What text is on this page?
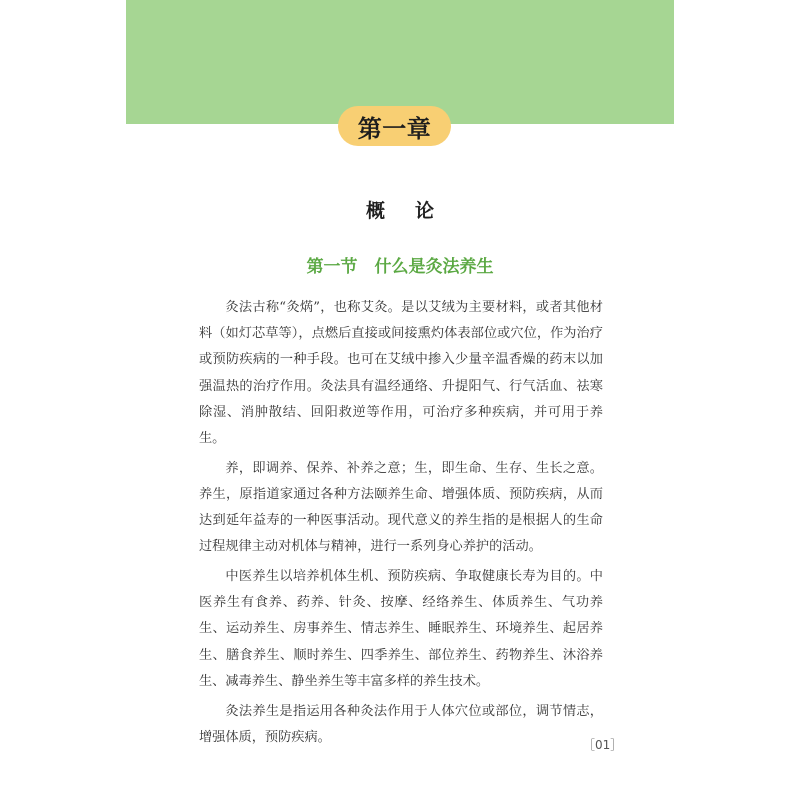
第一章
概论
第一节　什么是灸法养生

灸法古称“灸焫”，也称艾灸。是以艾绒为主要材料，或者其他材料（如灯芯草等），点燃后直接或间接熏灼体表部位或穴位，作为治疗或预防疾病的一种手段。也可在艾绒中掺入少量辛温香燥的药末以加强温热的治疗作用。灸法具有温经通络、升提阳气、行气活血、祛寒除湿、消肿散结、回阳救逆等作用，可治疗多种疾病，并可用于养生。

养，即调养、保养、补养之意；生，即生命、生存、生长之意。养生，原指道家通过各种方法颐养生命、增强体质、预防疾病，从而达到延年益寿的一种医事活动。现代意义的养生指的是根据人的生命过程规律主动对机体与精神，进行一系列身心养护的活动。

中医养生以培养机体生机、预防疾病、争取健康长寿为目的。中医养生有食养、药养、针灸、按摩、经络养生、体质养生、气功养生、运动养生、房事养生、情志养生、睡眠养生、环境养生、起居养生、膳食养生、顺时养生、四季养生、部位养生、药物养生、沐浴养生、减毒养生、静坐养生等丰富多样的养生技术。

灸法养生是指运用各种灸法作用于人体穴位或部位，调节情志，增强体质，预防疾病。

［01］
